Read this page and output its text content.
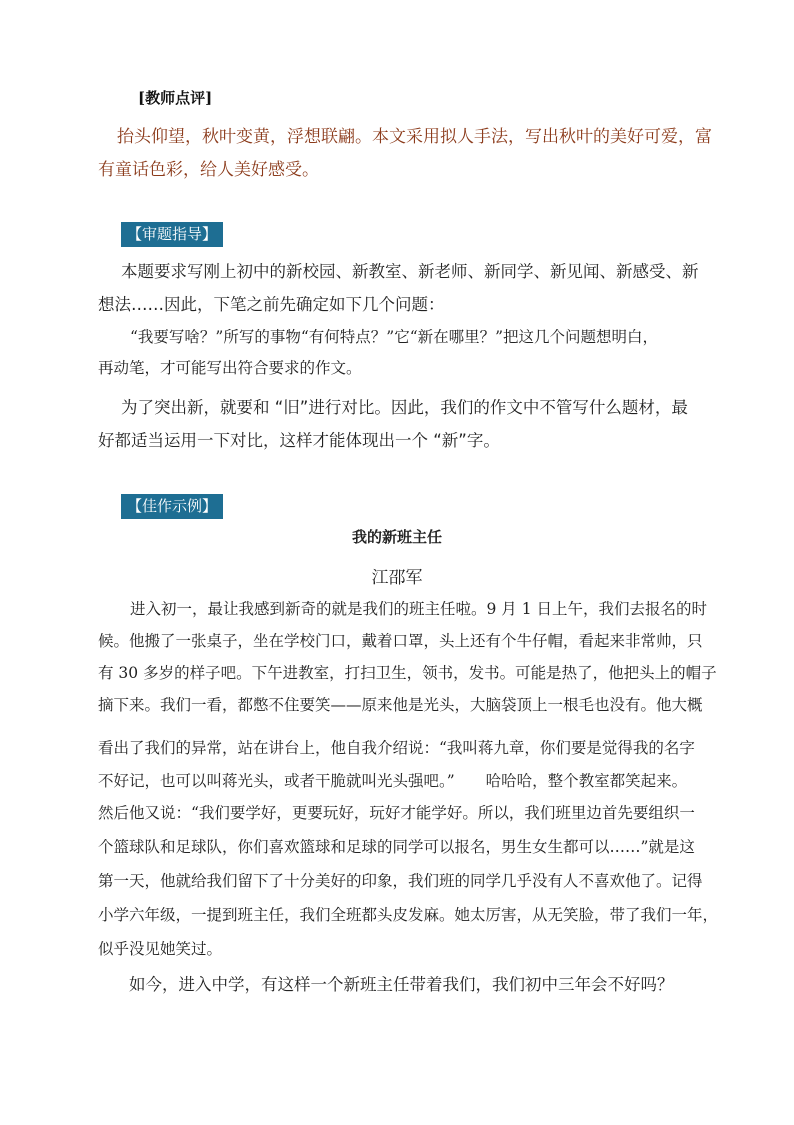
[教师点评]
抬头仰望，秋叶变黄，浮想联翩。本文采用拟人手法，写出秋叶的美好可爱，富
有童话色彩，给人美好感受。
【审题指导】
本题要求写刚上初中的新校园、新教室、新老师、新同学、新见闻、新感受、新
想法……因此，下笔之前先确定如下几个问题：
“我要写啥？”所写的事物“有何特点？”它“新在哪里？”把这几个问题想明白，
再动笔，才可能写出符合要求的作文。
为了突出新，就要和 “旧”进行对比。因此，我们的作文中不管写什么题材，最
好都适当运用一下对比，这样才能体现出一个 “新”字。
【佳作示例】
我的新班主任
江邵军
进入初一，最让我感到新奇的就是我们的班主任啦。9 月 1 日上午，我们去报名的时
候。他搬了一张桌子，坐在学校门口，戴着口罩，头上还有个牛仔帽，看起来非常帅，只
有 30 多岁的样子吧。下午进教室，打扫卫生，领书，发书。可能是热了，他把头上的帽子
摘下来。我们一看，都憋不住要笑——原来他是光头，大脑袋顶上一根毛也没有。他大概
看出了我们的异常，站在讲台上，他自我介绍说：“我叫蒋九章，你们要是觉得我的名字
不好记，也可以叫蒋光头，或者干脆就叫光头强吧。”　　哈哈哈，整个教室都笑起来。
然后他又说：“我们要学好，更要玩好，玩好才能学好。所以，我们班里边首先要组织一
个篮球队和足球队，你们喜欢篮球和足球的同学可以报名，男生女生都可以……”就是这
第一天，他就给我们留下了十分美好的印象，我们班的同学几乎没有人不喜欢他了。记得
小学六年级，一提到班主任，我们全班都头皮发麻。她太厉害，从无笑脸，带了我们一年，
似乎没见她笑过。
如今，进入中学，有这样一个新班主任带着我们，我们初中三年会不好吗？
